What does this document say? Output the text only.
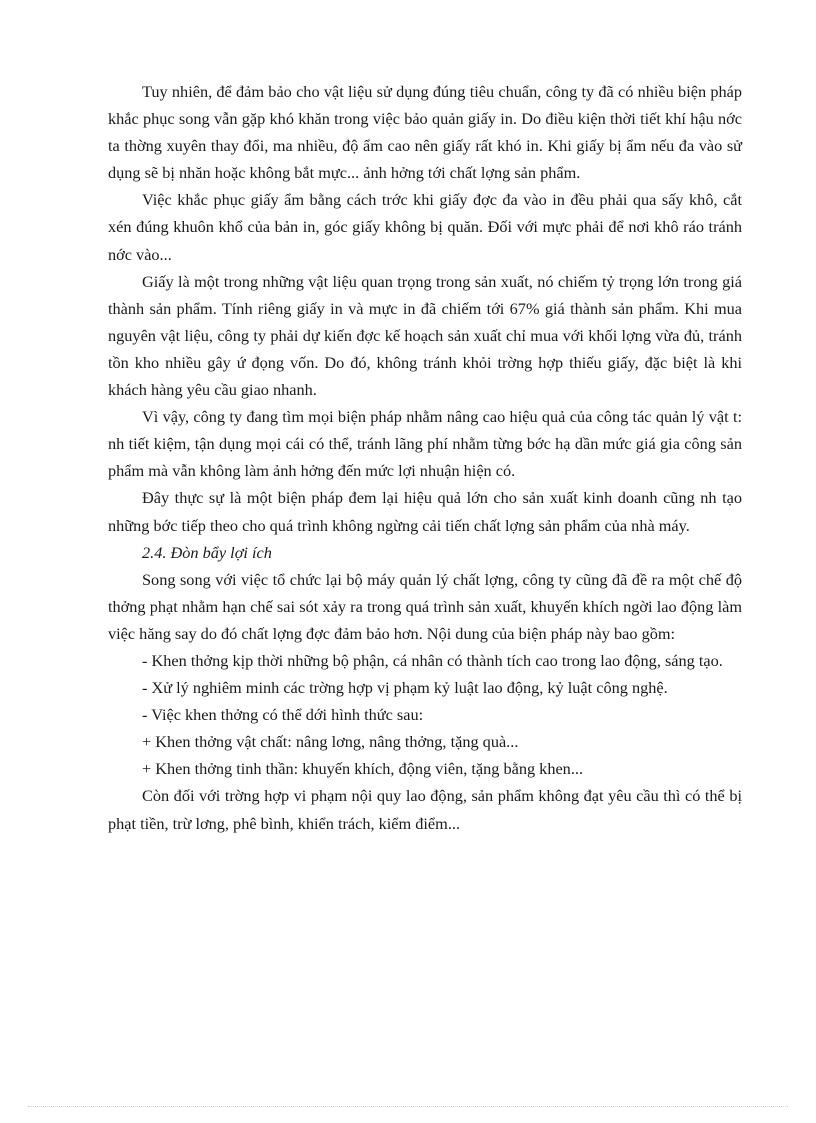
Tuy nhiên, để đảm bảo cho vật liệu sử dụng đúng tiêu chuẩn, công ty đã có nhiều biện pháp khắc phục song vẫn gặp khó khăn trong việc bảo quản giấy in. Do điều kiện thời tiết khí hậu nớc ta thờng xuyên thay đổi, ma nhiều, độ ẩm cao nên giấy rất khó in. Khi giấy bị ẩm nếu đa vào sử dụng sẽ bị nhăn hoặc không bắt mực... ảnh hởng tới chất lợng sản phẩm.

Việc khắc phục giấy ẩm bằng cách trớc khi giấy đợc đa vào in đều phải qua sấy khô, cắt xén đúng khuôn khổ của bản in, góc giấy không bị quăn. Đối với mực phải để nơi khô ráo tránh nớc vào...

Giấy là một trong những vật liệu quan trọng trong sản xuất, nó chiếm tỷ trọng lớn trong giá thành sản phẩm. Tính riêng giấy in và mực in đã chiếm tới 67% giá thành sản phẩm. Khi mua nguyên vật liệu, công ty phải dự kiến đợc kế hoạch sản xuất chỉ mua với khối lợng vừa đủ, tránh tồn kho nhiều gây ứ đọng vốn. Do đó, không tránh khỏi trờng hợp thiếu giấy, đặc biệt là khi khách hàng yêu cầu giao nhanh.

Vì vậy, công ty đang tìm mọi biện pháp nhằm nâng cao hiệu quả của công tác quản lý vật t: nh tiết kiệm, tận dụng mọi cái có thể, tránh lãng phí nhằm từng bớc hạ dần mức giá gia công sản phẩm mà vẫn không làm ảnh hởng đến mức lợi nhuận hiện có.

Đây thực sự là một biện pháp đem lại hiệu quả lớn cho sản xuất kinh doanh cũng nh tạo những bớc tiếp theo cho quá trình không ngừng cải tiến chất lợng sản phẩm của nhà máy.

2.4. Đòn bẩy lợi ích

Song song với việc tổ chức lại bộ máy quản lý chất lợng, công ty cũng đã đề ra một chế độ thởng phạt nhằm hạn chế sai sót xảy ra trong quá trình sản xuất, khuyến khích ngời lao động làm việc hăng say do đó chất lợng đợc đảm bảo hơn. Nội dung của biện pháp này bao gồm:

- Khen thởng kịp thời những bộ phận, cá nhân có thành tích cao trong lao động, sáng tạo.

- Xử lý nghiêm minh các trờng hợp vị phạm kỷ luật lao động, kỷ luật công nghệ.

- Việc khen thởng có thể dới hình thức sau:

+ Khen thởng vật chất: nâng lơng, nâng thởng, tặng quà...

+ Khen thởng tinh thần: khuyến khích, động viên, tặng bằng khen...

Còn đối với trờng hợp vi phạm nội quy lao động, sản phẩm không đạt yêu cầu thì có thể bị phạt tiền, trừ lơng, phê bình, khiển trách, kiểm điểm...
